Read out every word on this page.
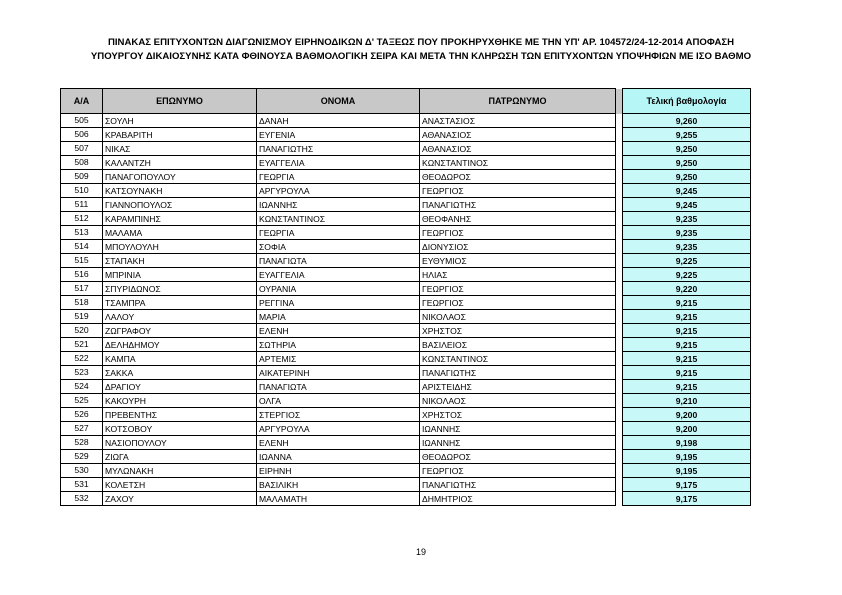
ΠΙΝΑΚΑΣ ΕΠΙΤΥΧΟΝΤΩΝ ΔΙΑΓΩΝΙΣΜΟΥ ΕΙΡΗΝΟΔΙΚΩΝ Δ' ΤΑΞΕΩΣ ΠΟΥ ΠΡΟΚΗΡΥΧΘΗΚΕ ΜΕ ΤΗΝ ΥΠ' ΑΡ. 104572/24-12-2014 ΑΠΟΦΑΣΗ
ΥΠΟΥΡΓΟΥ ΔΙΚΑΙΟΣΥΝΗΣ ΚΑΤΑ ΦΘΙΝΟΥΣΑ ΒΑΘΜΟΛΟΓΙΚΗ ΣΕΙΡΑ ΚΑΙ ΜΕΤΑ ΤΗΝ ΚΛΗΡΩΣΗ ΤΩΝ ΕΠΙΤΥΧΟΝΤΩΝ ΥΠΟΨΗΦΙΩΝ ΜΕ ΙΣΟ ΒΑΘΜΟ
Α/Α	ΕΠΩΝΥΜΟ	ΟΝΟΜΑ	ΠΑΤΡΩΝΥΜΟ		Τελική βαθμολογία
505	ΣΟΥΛΗ	ΔΑΝΑΗ	ΑΝΑΣΤΑΣΙΟΣ		9,260
506	ΚΡΑΒΑΡΙΤΗ	ΕΥΓΕΝΙΑ	ΑΘΑΝΑΣΙΟΣ		9,255
507	ΝΙΚΑΣ	ΠΑΝΑΓΙΩΤΗΣ	ΑΘΑΝΑΣΙΟΣ		9,250
508	ΚΑΛΑΝΤΖΗ	ΕΥΑΓΓΕΛΙΑ	ΚΩΝΣΤΑΝΤΙΝΟΣ		9,250
509	ΠΑΝΑΓΟΠΟΥΛΟΥ	ΓΕΩΡΓΙΑ	ΘΕΟΔΩΡΟΣ		9,250
510	ΚΑΤΣΟΥΝΑΚΗ	ΑΡΓΥΡΟΥΛΑ	ΓΕΩΡΓΙΟΣ		9,245
511	ΓΙΑΝΝΟΠΟΥΛΟΣ	ΙΩΑΝΝΗΣ	ΠΑΝΑΓΙΩΤΗΣ		9,245
512	ΚΑΡΑΜΠΙΝΗΣ	ΚΩΝΣΤΑΝΤΙΝΟΣ	ΘΕΟΦΑΝΗΣ		9,235
513	ΜΑΛΑΜΑ	ΓΕΩΡΓΙΑ	ΓΕΩΡΓΙΟΣ		9,235
514	ΜΠΟΥΛΟΥΛΗ	ΣΟΦΙΑ	ΔΙΟΝΥΣΙΟΣ		9,235
515	ΣΤΑΠΑΚΗ	ΠΑΝΑΓΙΩΤΑ	ΕΥΘΥΜΙΟΣ		9,225
516	ΜΠΡΙΝΙΑ	ΕΥΑΓΓΕΛΙΑ	ΗΛΙΑΣ		9,225
517	ΣΠΥΡΙΔΩΝΟΣ	ΟΥΡΑΝΙΑ	ΓΕΩΡΓΙΟΣ		9,220
518	ΤΣΑΜΠΡΑ	ΡΕΓΓΙΝΑ	ΓΕΩΡΓΙΟΣ		9,215
519	ΛΑΛΟΥ	ΜΑΡΙΑ	ΝΙΚΟΛΑΟΣ		9,215
520	ΖΩΓΡΑΦΟΥ	ΕΛΕΝΗ	ΧΡΗΣΤΟΣ		9,215
521	ΔΕΛΗΔΗΜΟΥ	ΣΩΤΗΡΙΑ	ΒΑΣΙΛΕΙΟΣ		9,215
522	ΚΑΜΠΑ	ΑΡΤΕΜΙΣ	ΚΩΝΣΤΑΝΤΙΝΟΣ		9,215
523	ΣΑΚΚΑ	ΑΙΚΑΤΕΡΙΝΗ	ΠΑΝΑΓΙΩΤΗΣ		9,215
524	ΔΡΑΓΙΟΥ	ΠΑΝΑΓΙΩΤΑ	ΑΡΙΣΤΕΙΔΗΣ		9,215
525	ΚΑΚΟΥΡΗ	ΟΛΓΑ	ΝΙΚΟΛΑΟΣ		9,210
526	ΠΡΕΒΕΝΤΗΣ	ΣΤΕΡΓΙΟΣ	ΧΡΗΣΤΟΣ		9,200
527	ΚΟΤΣΟΒΟΥ	ΑΡΓΥΡΟΥΛΑ	ΙΩΑΝΝΗΣ		9,200
528	ΝΑΣΙΟΠΟΥΛΟΥ	ΕΛΕΝΗ	ΙΩΑΝΝΗΣ		9,198
529	ΖΙΩΓΑ	ΙΩΑΝΝΑ	ΘΕΟΔΩΡΟΣ		9,195
530	ΜΥΛΩΝΑΚΗ	ΕΙΡΗΝΗ	ΓΕΩΡΓΙΟΣ		9,195
531	ΚΟΛΕΤΣΗ	ΒΑΣΙΛΙΚΗ	ΠΑΝΑΓΙΩΤΗΣ		9,175
532	ΖΑΧΟΥ	ΜΑΛΑΜΑΤΗ	ΔΗΜΗΤΡΙΟΣ		9,175
19
